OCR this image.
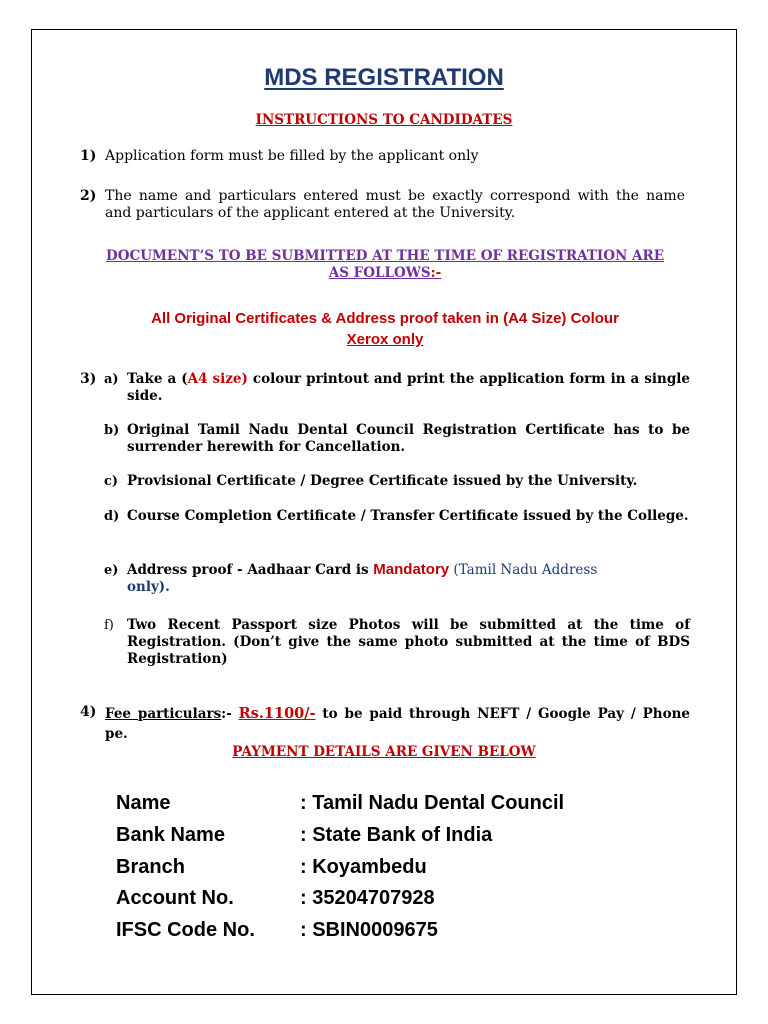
MDS REGISTRATION
INSTRUCTIONS TO CANDIDATES
1) Application form must be filled by the applicant only
2) The name and particulars entered must be exactly correspond with the name and particulars of the applicant entered at the University.
DOCUMENT’S TO BE SUBMITTED AT THE TIME OF REGISTRATION ARE
AS FOLLOWS:-
All Original Certificates & Address proof taken in (A4 Size) Colour
Xerox only
3) a) Take a (A4 size) colour printout and print the application form in a single side.
b) Original Tamil Nadu Dental Council Registration Certificate has to be surrender herewith for Cancellation.
c) Provisional Certificate / Degree Certificate issued by the University.
d) Course Completion Certificate / Transfer Certificate issued by the College.
e) Address proof - Aadhaar Card is Mandatory (Tamil Nadu Address
only).
f) Two Recent Passport size Photos will be submitted at the time of Registration. (Don’t give the same photo submitted at the time of BDS Registration)
4) Fee particulars:- Rs.1100/- to be paid through NEFT / Google Pay / Phone pe.
PAYMENT DETAILS ARE GIVEN BELOW
Name	: Tamil Nadu Dental Council
Bank Name	: State Bank of India
Branch	: Koyambedu
Account No.	: 35204707928
IFSC Code No. : SBIN0009675
